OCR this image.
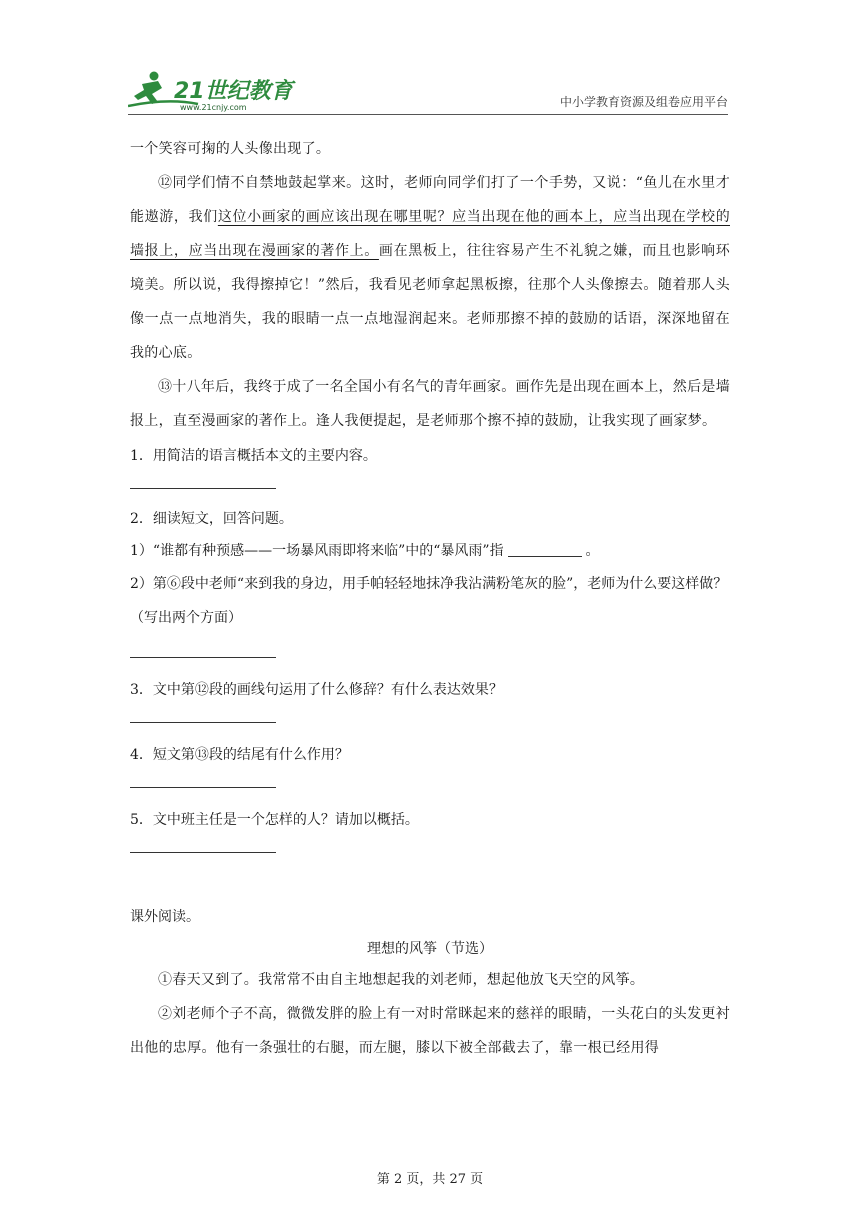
21世纪教育
www.21cnjy.com	中小学教育资源及组卷应用平台

一个笑容可掬的人头像出现了。

⑫同学们情不自禁地鼓起掌来。这时，老师向同学们打了一个手势，又说：“鱼儿在水里才能遨游，我们这位小画家的画应该出现在哪里呢？应当出现在他的画本上，应当出现在学校的墙报上，应当出现在漫画家的著作上。画在黑板上，往往容易产生不礼貌之嫌，而且也影响环境美。所以说，我得擦掉它！”然后，我看见老师拿起黑板擦，往那个人头像擦去。随着那人头像一点一点地消失，我的眼睛一点一点地湿润起来。老师那擦不掉的鼓励的话语，深深地留在我的心底。

⑬十八年后，我终于成了一名全国小有名气的青年画家。画作先是出现在画本上，然后是墙报上，直至漫画家的著作上。逢人我便提起，是老师那个擦不掉的鼓励，让我实现了画家梦。

1．用简洁的语言概括本文的主要内容。

2．细读短文，回答问题。

1）“谁都有种预感——一场暴风雨即将来临”中的“暴风雨”指	。

2）第⑥段中老师“来到我的身边，用手帕轻轻地抹净我沾满粉笔灰的脸”，老师为什么要这样做？（写出两个方面）

3．文中第⑫段的画线句运用了什么修辞？有什么表达效果？

4．短文第⑬段的结尾有什么作用？

5．文中班主任是一个怎样的人？请加以概括。

课外阅读。

理想的风筝（节选）

①春天又到了。我常常不由自主地想起我的刘老师，想起他放飞天空的风筝。

②刘老师个子不高，微微发胖的脸上有一对时常眯起来的慈祥的眼睛，一头花白的头发更衬出他的忠厚。他有一条强壮的右腿，而左腿，膝以下被全部截去了，靠一根已经用得

第 2 页，共 27 页
